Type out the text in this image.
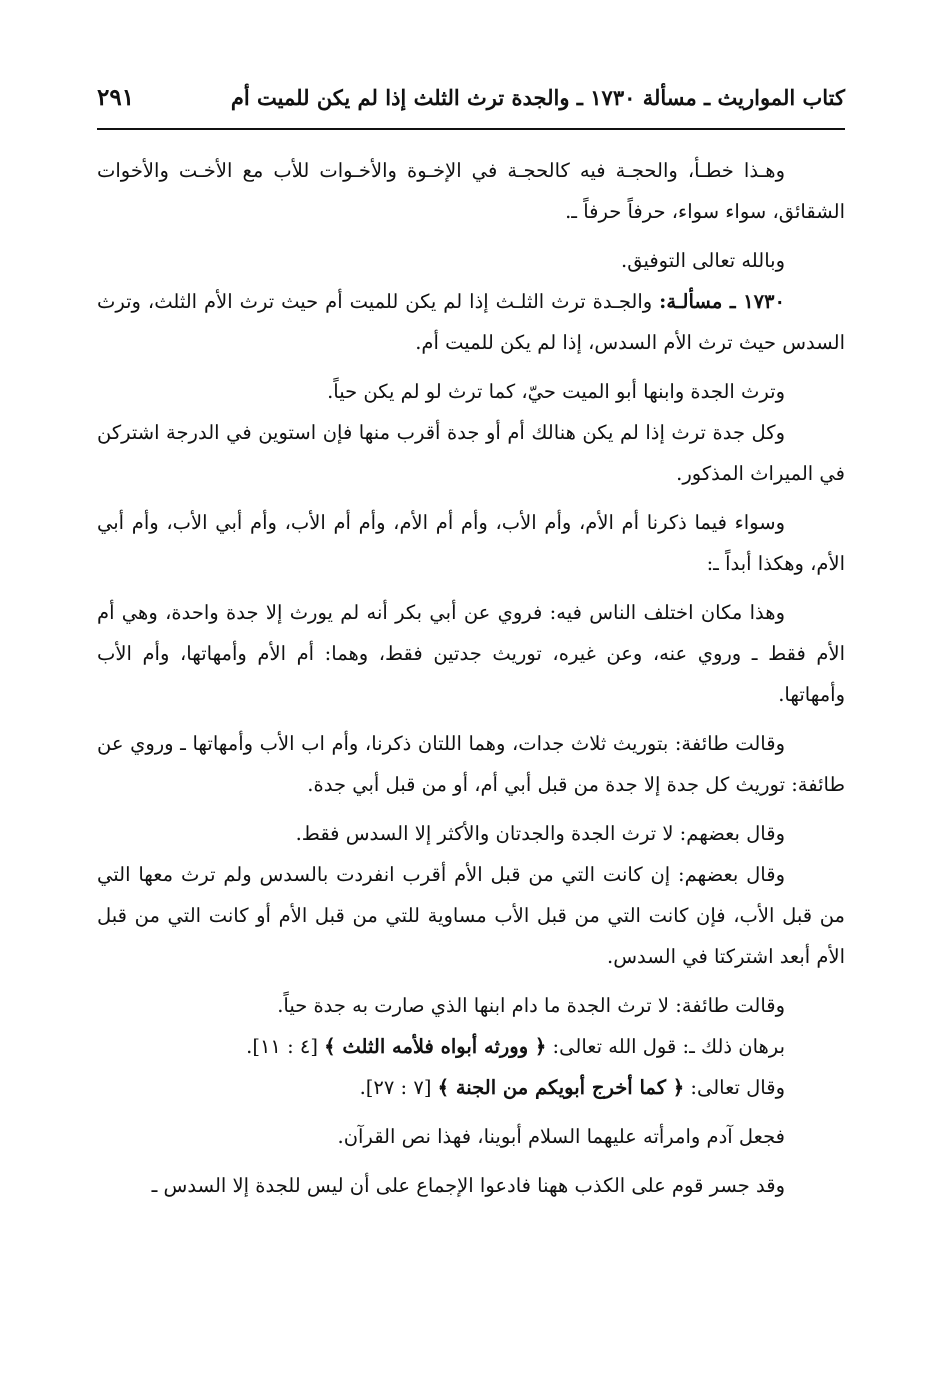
كتاب المواريث ـ مسألة ١٧٣٠ ـ والجدة ترث الثلث إذا لم يكن للميت أم
٢٩١

وهـذا خطـأ، والحجـة فيه كالحجـة في الإخـوة والأخـوات للأب مع الأخـت والأخوات الشقائق، سواء سواء، حرفاً حرفاً ـ.

وبالله تعالى التوفيق.

١٧٣٠ ـ مسألـة: والجـدة ترث الثلـث إذا لم يكن للميت أم حيث ترث الأم الثلث، وترث السدس حيث ترث الأم السدس، إذا لم يكن للميت أم.

وترث الجدة وابنها أبو الميت حيّ، كما ترث لو لم يكن حياً.

وكل جدة ترث إذا لم يكن هنالك أم أو جدة أقرب منها فإن استوين في الدرجة اشتركن في الميراث المذكور.

وسواء فيما ذكرنا أم الأم، وأم الأب، وأم أم الأم، وأم أم الأب، وأم أبي الأب، وأم أبي الأم، وهكذا أبداً ـ:

وهذا مكان اختلف الناس فيه: فروي عن أبي بكر أنه لم يورث إلا جدة واحدة، وهي أم الأم فقط ـ وروي عنه، وعن غيره، توريث جدتين فقط، وهما: أم الأم وأمهاتها، وأم الأب وأمهاتها.

وقالت طائفة: بتوريث ثلاث جدات، وهما اللتان ذكرنا، وأم اب الأب وأمهاتها ـ وروي عن طائفة: توريث كل جدة إلا جدة من قبل أبي أم، أو من قبل أبي جدة.

وقال بعضهم: لا ترث الجدة والجدتان والأكثر إلا السدس فقط.

وقال بعضهم: إن كانت التي من قبل الأم أقرب انفردت بالسدس ولم ترث معها التي من قبل الأب، فإن كانت التي من قبل الأب مساوية للتي من قبل الأم أو كانت التي من قبل الأم أبعد اشتركتا في السدس.

وقالت طائفة: لا ترث الجدة ما دام ابنها الذي صارت به جدة حياً.

برهان ذلك ـ: قول الله تعالى: ﴿ وورثه أبواه فلأمه الثلث ﴾ [٤ : ١١].

وقال تعالى: ﴿ كما أخرج أبويكم من الجنة ﴾ [٧ : ٢٧].

فجعل آدم وامرأته عليهما السلام أبوينا، فهذا نص القرآن.

وقد جسر قوم على الكذب ههنا فادعوا الإجماع على أن ليس للجدة إلا السدس ـ
